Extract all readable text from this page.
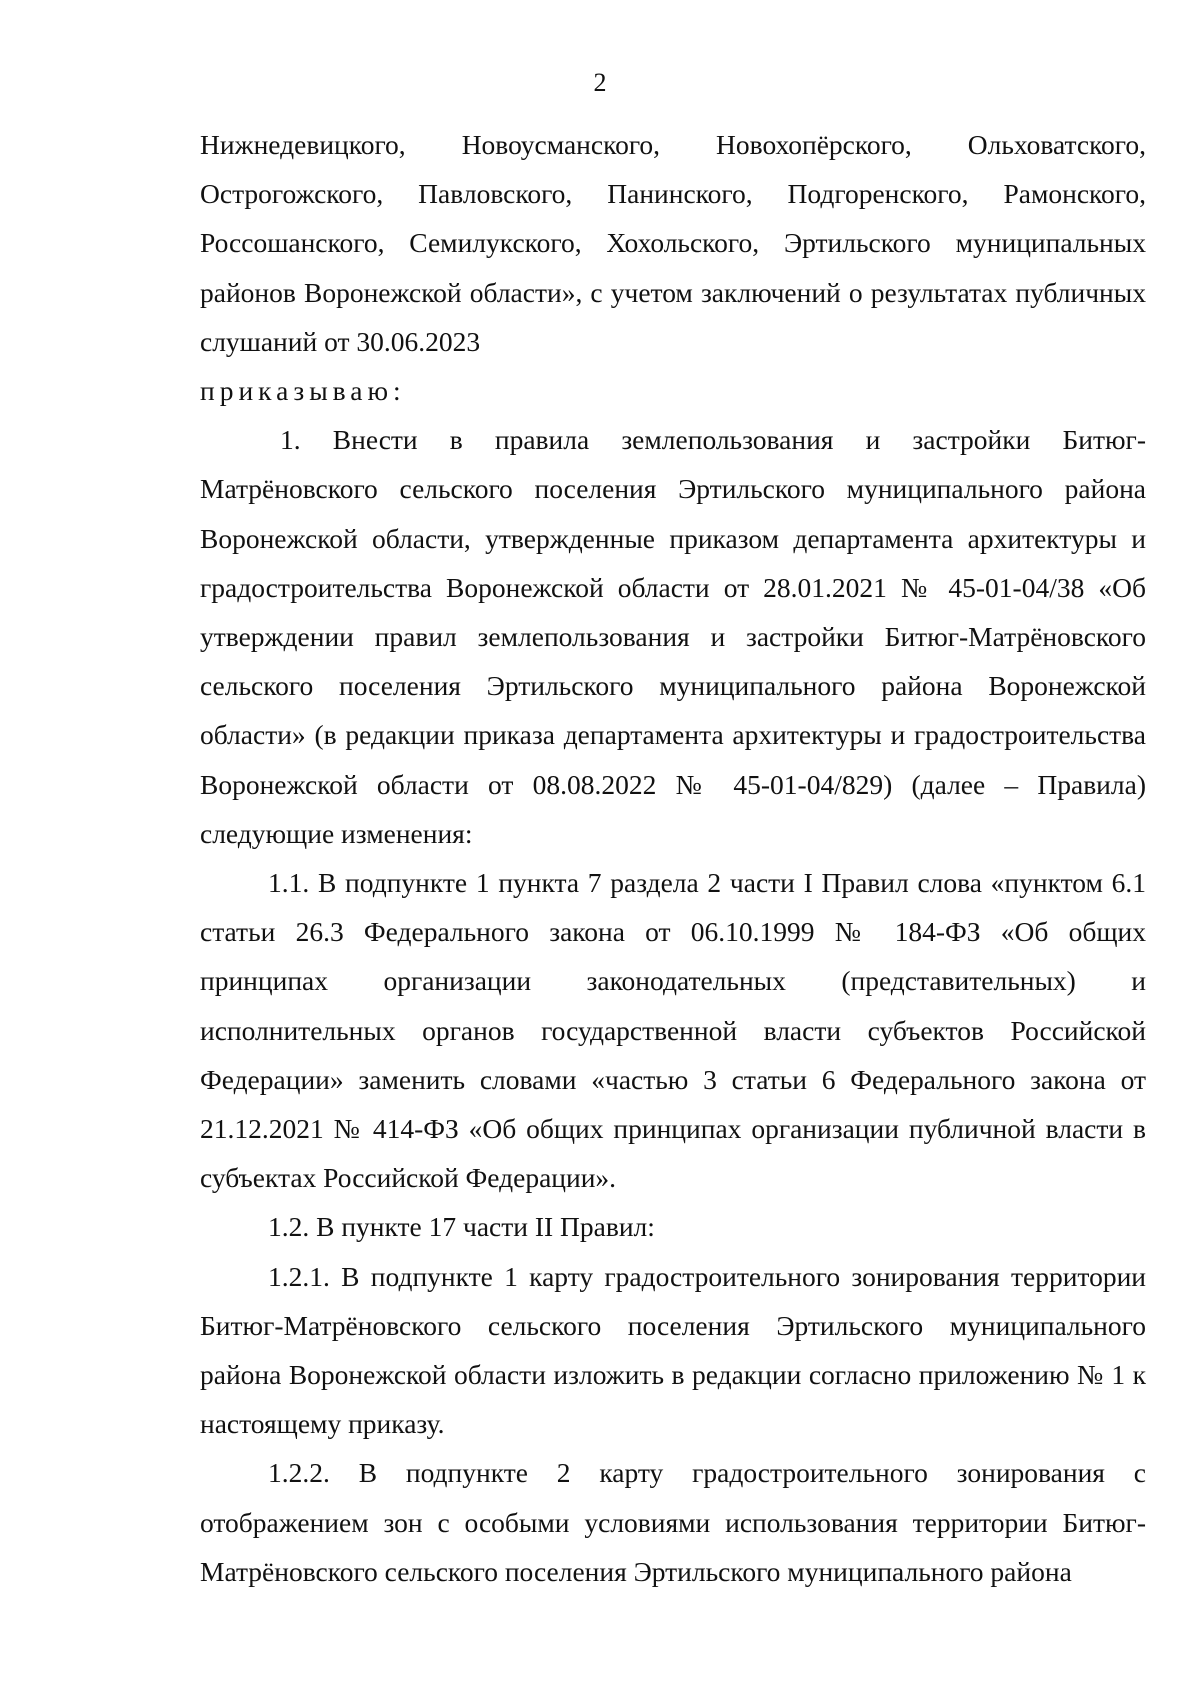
2

Нижнедевицкого, Новоусманского, Новохопёрского, Ольховатского, Острогожского, Павловского, Панинского, Подгоренского, Рамонского, Россошанского, Семилукского, Хохольского, Эртильского муниципальных районов Воронежской области», с учетом заключений о результатах публичных слушаний от 30.06.2023

приказываю:

1. Внести в правила землепользования и застройки Битюг-Матрёновского сельского поселения Эртильского муниципального района Воронежской области, утвержденные приказом департамента архитектуры и градостроительства Воронежской области от 28.01.2021 № 45-01-04/38 «Об утверждении правил землепользования и застройки Битюг-Матрёновского сельского поселения Эртильского муниципального района Воронежской области» (в редакции приказа департамента архитектуры и градостроительства Воронежской области от 08.08.2022 № 45-01-04/829) (далее – Правила) следующие изменения:

1.1. В подпункте 1 пункта 7 раздела 2 части I Правил слова «пунктом 6.1 статьи 26.3 Федерального закона от 06.10.1999 № 184-ФЗ «Об общих принципах организации законодательных (представительных) и исполнительных органов государственной власти субъектов Российской Федерации» заменить словами «частью 3 статьи 6 Федерального закона от 21.12.2021 № 414-ФЗ «Об общих принципах организации публичной власти в субъектах Российской Федерации».

1.2. В пункте 17 части II Правил:

1.2.1. В подпункте 1 карту градостроительного зонирования территории Битюг-Матрёновского сельского поселения Эртильского муниципального района Воронежской области изложить в редакции согласно приложению № 1 к настоящему приказу.

1.2.2. В подпункте 2 карту градостроительного зонирования с отображением зон с особыми условиями использования территории Битюг-Матрёновского сельского поселения Эртильского муниципального района
